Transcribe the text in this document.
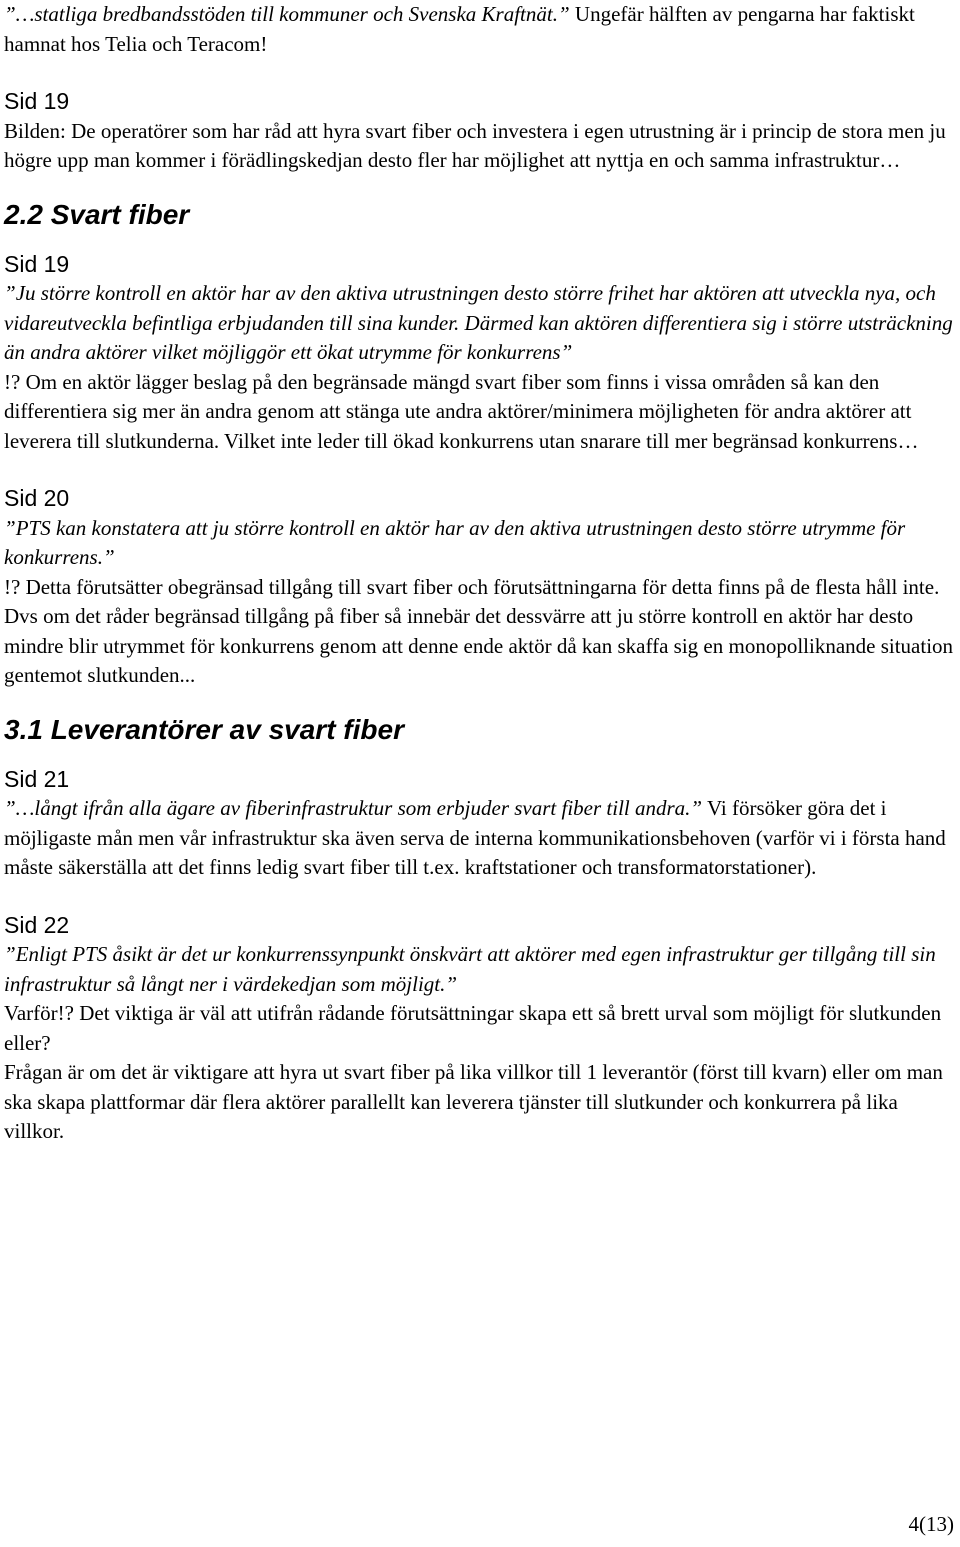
”…statliga bredbandsstöden till kommuner och Svenska Kraftnät.” Ungefär hälften av pengarna har faktiskt hamnat hos Telia och Teracom!

Sid 19

Bilden: De operatörer som har råd att hyra svart fiber och investera i egen utrustning är i princip de stora men ju högre upp man kommer i förädlingskedjan desto fler har möjlighet att nyttja en och samma infrastruktur…

2.2 Svart fiber

Sid 19

”Ju större kontroll en aktör har av den aktiva utrustningen desto större frihet har aktören att utveckla nya, och vidareutveckla befintliga erbjudanden till sina kunder. Därmed kan aktören differentiera sig i större utsträckning än andra aktörer vilket möjliggör ett ökat utrymme för konkurrens”

!? Om en aktör lägger beslag på den begränsade mängd svart fiber som finns i vissa områden så kan den differentiera sig mer än andra genom att stänga ute andra aktörer/minimera möjligheten för andra aktörer att leverera till slutkunderna. Vilket inte leder till ökad konkurrens utan snarare till mer begränsad konkurrens…

Sid 20

”PTS kan konstatera att ju större kontroll en aktör har av den aktiva utrustningen desto större utrymme för konkurrens.”

!? Detta förutsätter obegränsad tillgång till svart fiber och förutsättningarna för detta finns på de flesta håll inte. Dvs om det råder begränsad tillgång på fiber så innebär det dessvärre att ju större kontroll en aktör har desto mindre blir utrymmet för konkurrens genom att denne ende aktör då kan skaffa sig en monopolliknande situation gentemot slutkunden...

3.1 Leverantörer av svart fiber

Sid 21

”…långt ifrån alla ägare av fiberinfrastruktur som erbjuder svart fiber till andra.” Vi försöker göra det i möjligaste mån men vår infrastruktur ska även serva de interna kommunikationsbehoven (varför vi i första hand måste säkerställa att det finns ledig svart fiber till t.ex. kraftstationer och transformatorstationer).

Sid 22

”Enligt PTS åsikt är det ur konkurrenssynpunkt önskvärt att aktörer med egen infrastruktur ger tillgång till sin infrastruktur så långt ner i värdekedjan som möjligt.”

Varför!? Det viktiga är väl att utifrån rådande förutsättningar skapa ett så brett urval som möjligt för slutkunden eller?

Frågan är om det är viktigare att hyra ut svart fiber på lika villkor till 1 leverantör (först till kvarn) eller om man ska skapa plattformar där flera aktörer parallellt kan leverera tjänster till slutkunder och konkurrera på lika villkor.

4(13)
